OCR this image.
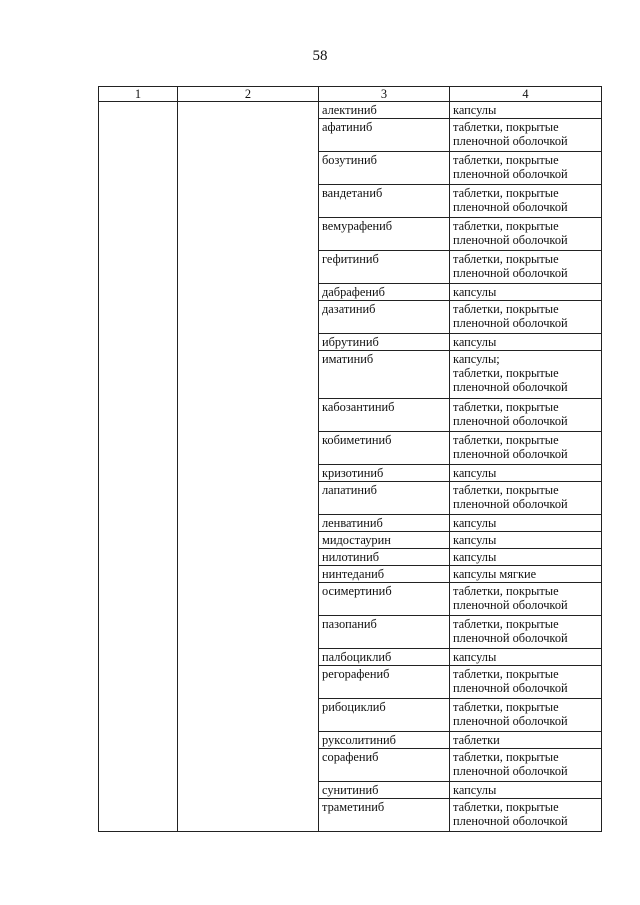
58
1	2	3	4
		алектиниб	капсулы

		афатиниб	таблетки, покрытые
пленочной оболочкой

		бозутиниб	таблетки, покрытые
пленочной оболочкой

		вандетаниб	таблетки, покрытые
пленочной оболочкой

		вемурафениб	таблетки, покрытые
пленочной оболочкой

		гефитиниб	таблетки, покрытые
пленочной оболочкой

		дабрафениб	капсулы

		дазатиниб	таблетки, покрытые
пленочной оболочкой

		ибрутиниб	капсулы

		иматиниб	капсулы;
таблетки, покрытые
пленочной оболочкой

		кабозантиниб	таблетки, покрытые
пленочной оболочкой

		кобиметиниб	таблетки, покрытые
пленочной оболочкой

		кризотиниб	капсулы

		лапатиниб	таблетки, покрытые
пленочной оболочкой

		ленватиниб	капсулы

		мидостаурин	капсулы

		нилотиниб	капсулы

		нинтеданиб	капсулы мягкие

		осимертиниб	таблетки, покрытые
пленочной оболочкой

		пазопаниб	таблетки, покрытые
пленочной оболочкой

		палбоциклиб	капсулы

		регорафениб	таблетки, покрытые
пленочной оболочкой

		рибоциклиб	таблетки, покрытые
пленочной оболочкой

		руксолитиниб	таблетки

		сорафениб	таблетки, покрытые
пленочной оболочкой

		сунитиниб	капсулы

		траметиниб	таблетки, покрытые
пленочной оболочкой
